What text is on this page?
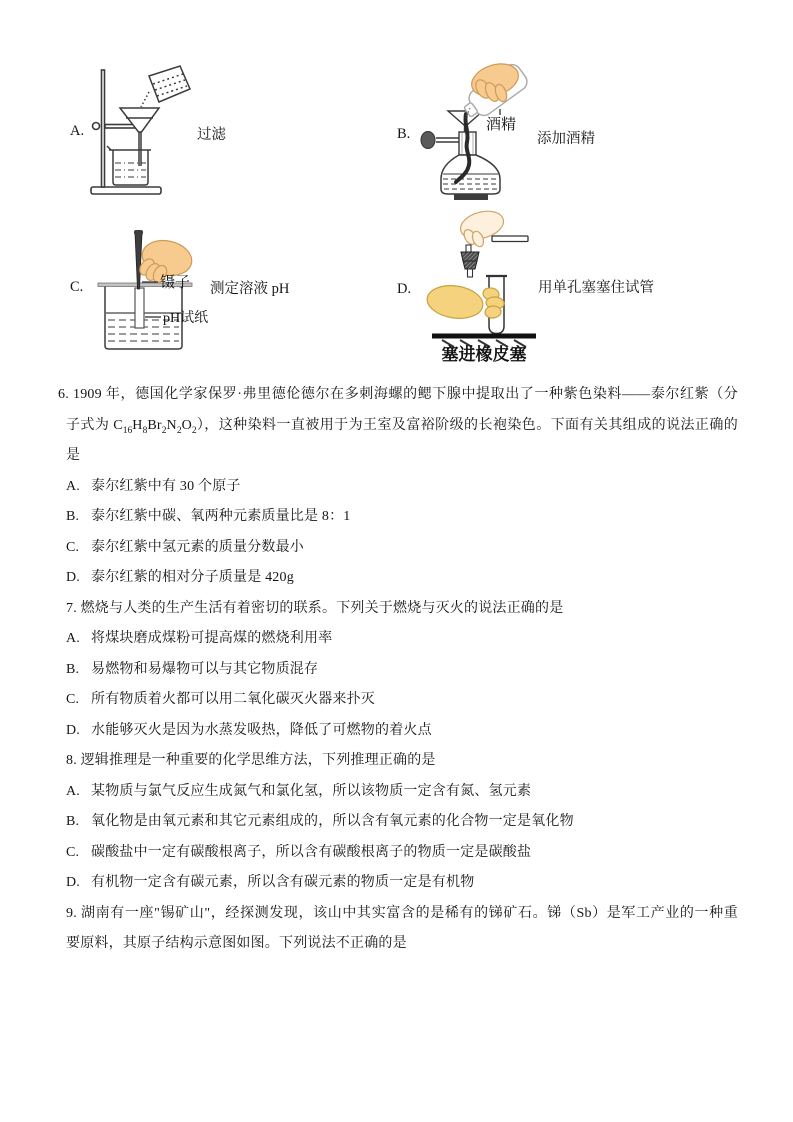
A.	过滤
酒精
B.	添加酒精
镊子
pH试纸
C.	测定溶液 pH
塞进橡皮塞
D.	用单孔塞塞住试管
6. 1909 年，德国化学家保罗·弗里德伦德尔在多刺海螺的鳃下腺中提取出了一种紫色染料——泰尔红紫（分
子式为 $C_{16}H_8Br_2N_2O_2$），这种染料一直被用于为王室及富裕阶级的长袍染色。下面有关其组成的说法正确的
是
A. 泰尔红紫中有 30 个原子
B. 泰尔红紫中碳、氧两种元素质量比是 8：1
C. 泰尔红紫中氢元素的质量分数最小
D. 泰尔红紫的相对分子质量是 420g
7. 燃烧与人类的生产生活有着密切的联系。下列关于燃烧与灭火的说法正确的是
A. 将煤块磨成煤粉可提高煤的燃烧利用率
B. 易燃物和易爆物可以与其它物质混存
C. 所有物质着火都可以用二氧化碳灭火器来扑灭
D. 水能够灭火是因为水蒸发吸热，降低了可燃物的着火点
8. 逻辑推理是一种重要的化学思维方法，下列推理正确的是
A. 某物质与氯气反应生成氮气和氯化氢，所以该物质一定含有氮、氢元素
B. 氧化物是由氧元素和其它元素组成的，所以含有氧元素的化合物一定是氧化物
C. 碳酸盐中一定有碳酸根离子，所以含有碳酸根离子的物质一定是碳酸盐
D. 有机物一定含有碳元素，所以含有碳元素的物质一定是有机物
9. 湖南有一座"锡矿山"，经探测发现，该山中其实富含的是稀有的锑矿石。锑（Sb）是军工产业的一种重
要原料，其原子结构示意图如图。下列说法不正确的是
